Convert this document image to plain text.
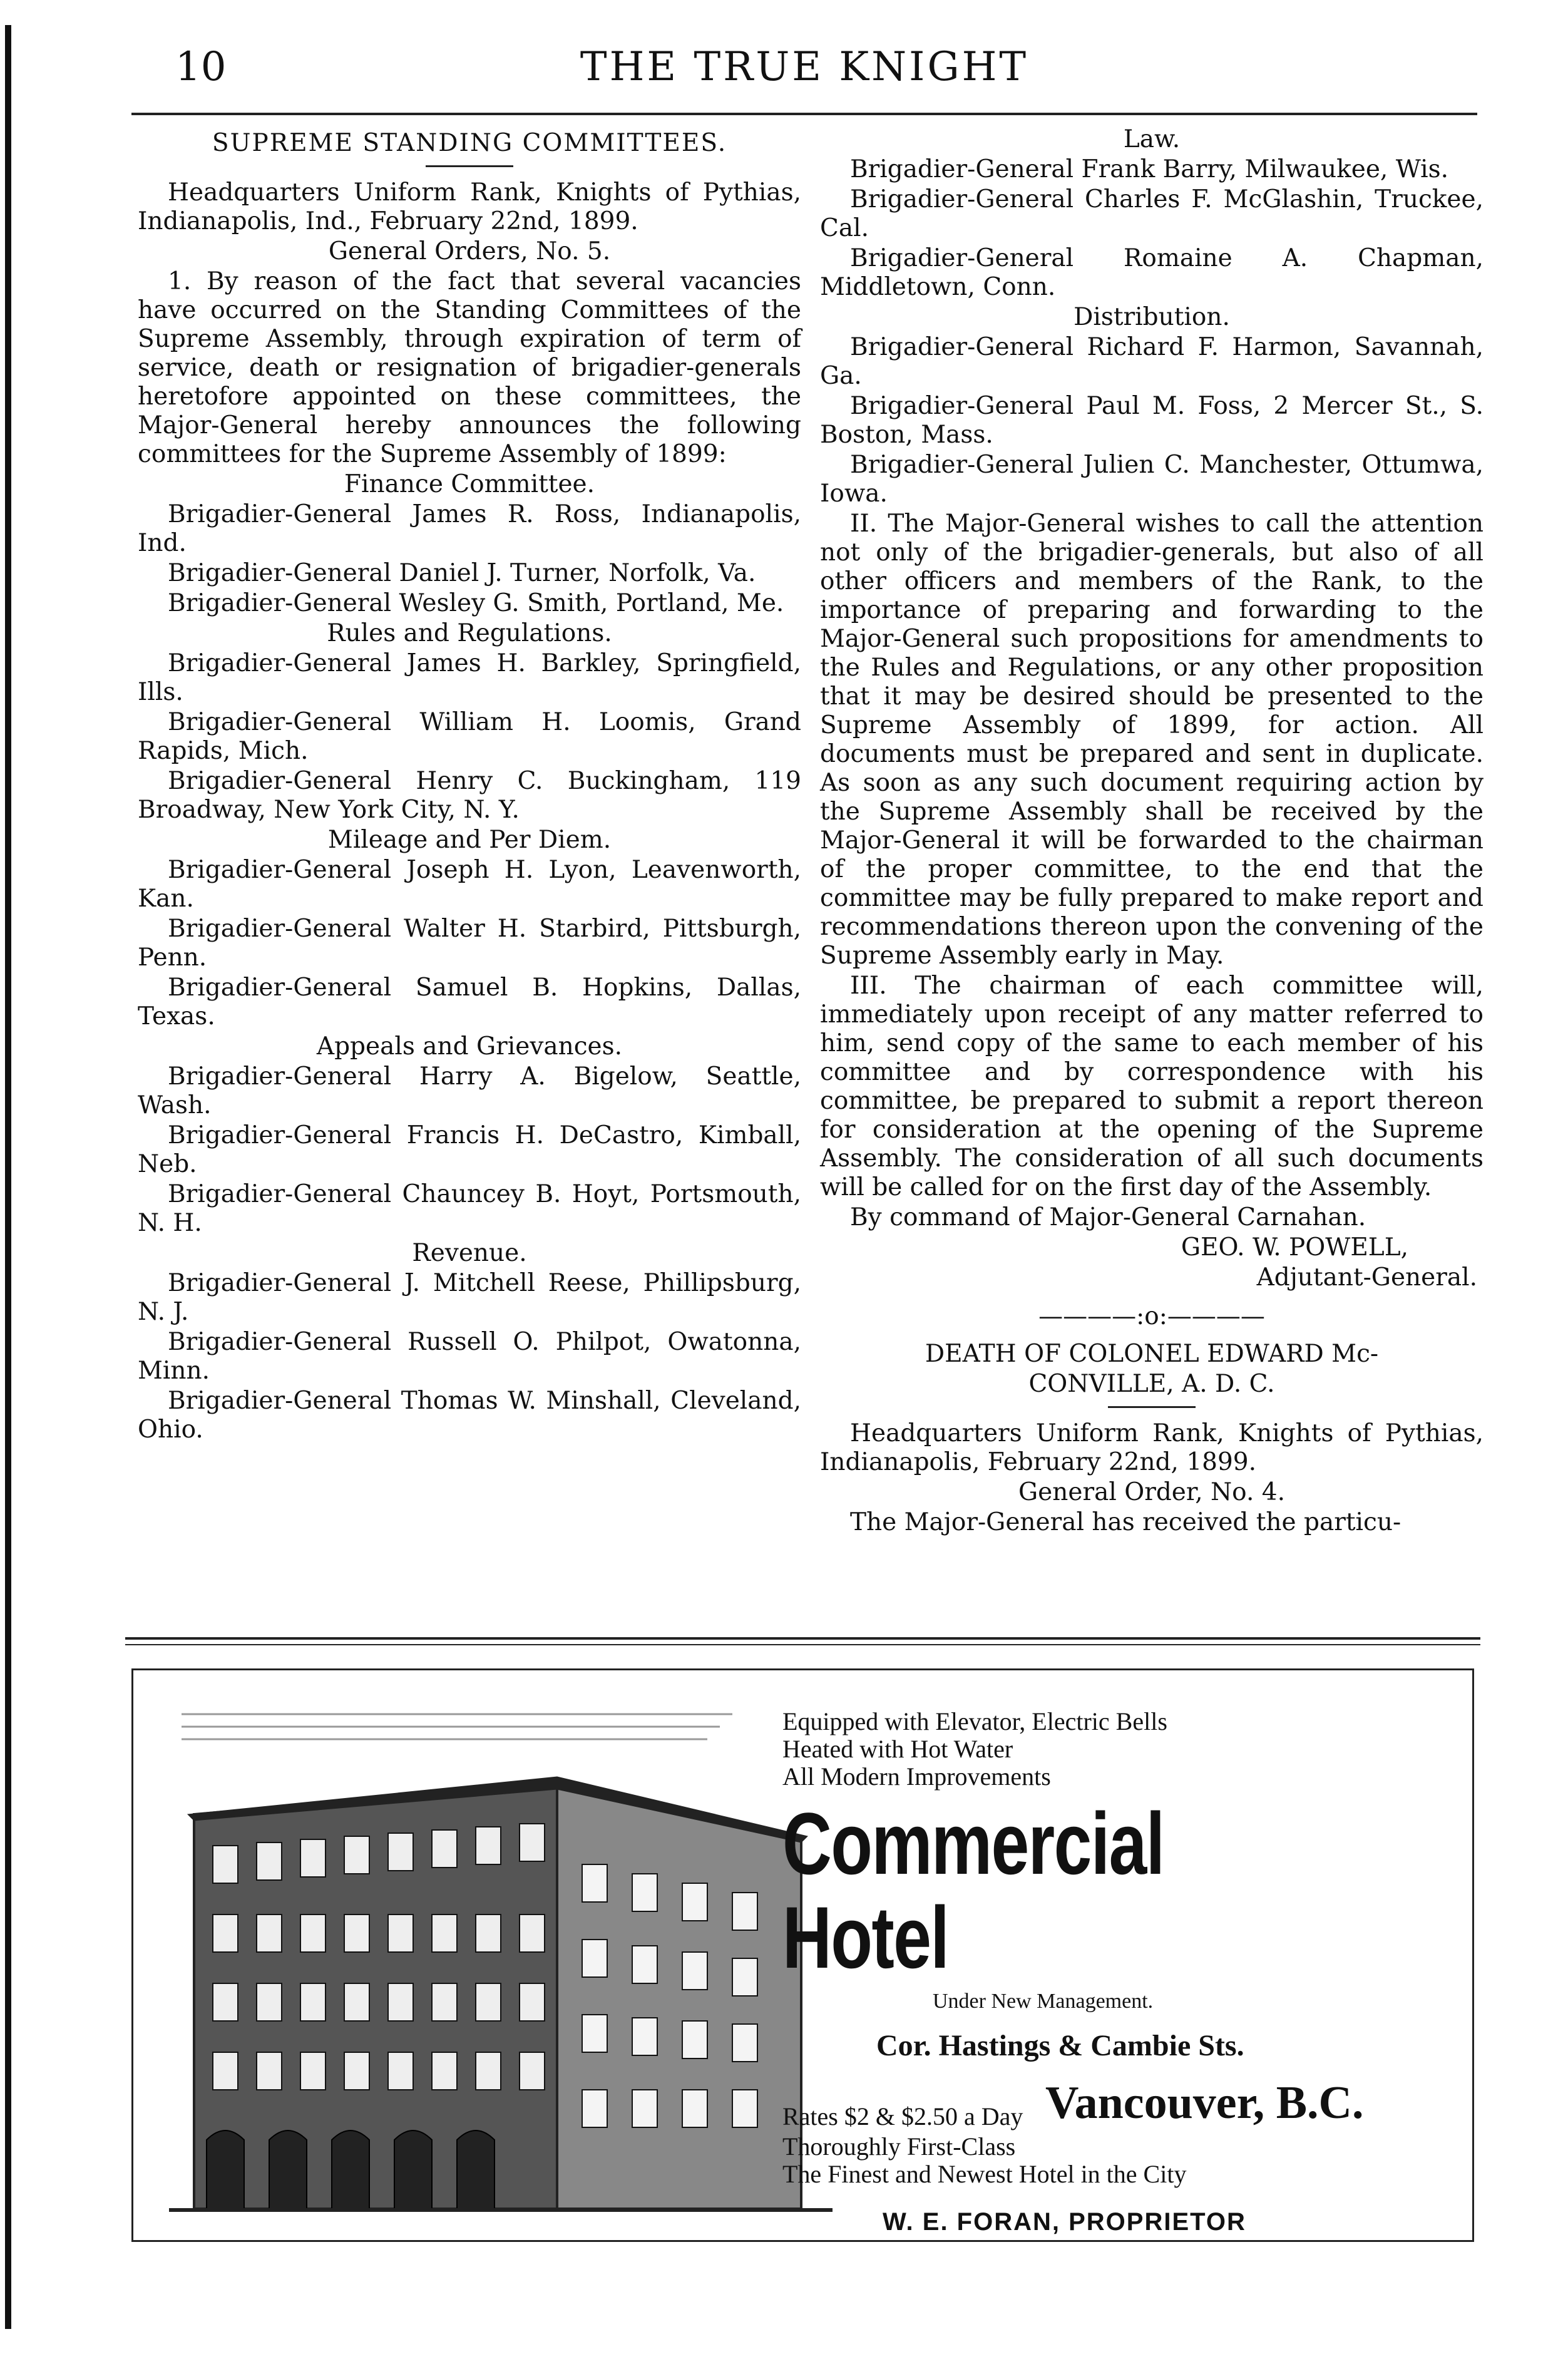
10	THE TRUE KNIGHT

SUPREME STANDING COMMITTEES.

Headquarters Uniform Rank, Knights of Pythias, Indianapolis, Ind., February 22nd, 1899.

General Orders, No. 5.

1. By reason of the fact that several vacancies have occurred on the Standing Committees of the Supreme Assembly, through expiration of term of service, death or resignation of brigadier-generals heretofore appointed on these committees, the Major-General hereby announces the following committees for the Supreme Assembly of 1899:

Finance Committee.

Brigadier-General James R. Ross, Indianapolis, Ind.

Brigadier-General Daniel J. Turner, Norfolk, Va.

Brigadier-General Wesley G. Smith, Portland, Me.

Rules and Regulations.

Brigadier-General James H. Barkley, Springfield, Ills.

Brigadier-General William H. Loomis, Grand Rapids, Mich.

Brigadier-General Henry C. Buckingham, 119 Broadway, New York City, N. Y.

Mileage and Per Diem.

Brigadier-General Joseph H. Lyon, Leavenworth, Kan.

Brigadier-General Walter H. Starbird, Pittsburgh, Penn.

Brigadier-General Samuel B. Hopkins, Dallas, Texas.

Appeals and Grievances.

Brigadier-General Harry A. Bigelow, Seattle, Wash.

Brigadier-General Francis H. DeCastro, Kimball, Neb.

Brigadier-General Chauncey B. Hoyt, Portsmouth, N. H.

Revenue.

Brigadier-General J. Mitchell Reese, Phillipsburg, N. J.

Brigadier-General Russell O. Philpot, Owatonna, Minn.

Brigadier-General Thomas W. Minshall, Cleveland, Ohio.

Law.

Brigadier-General Frank Barry, Milwaukee, Wis.

Brigadier-General Charles F. McGlashin, Truckee, Cal.

Brigadier-General Romaine A. Chapman, Middletown, Conn.

Distribution.

Brigadier-General Richard F. Harmon, Savannah, Ga.

Brigadier-General Paul M. Foss, 2 Mercer St., S. Boston, Mass.

Brigadier-General Julien C. Manchester, Ottumwa, Iowa.

II. The Major-General wishes to call the attention not only of the brigadier-generals, but also of all other officers and members of the Rank, to the importance of preparing and forwarding to the Major-General such propositions for amendments to the Rules and Regulations, or any other proposition that it may be desired should be presented to the Supreme Assembly of 1899, for action. All documents must be prepared and sent in duplicate. As soon as any such document requiring action by the Supreme Assembly shall be received by the Major-General it will be forwarded to the chairman of the proper committee, to the end that the committee may be fully prepared to make report and recommendations thereon upon the convening of the Supreme Assembly early in May.

III. The chairman of each committee will, immediately upon receipt of any matter referred to him, send copy of the same to each member of his committee and by correspondence with his committee, be prepared to submit a report thereon for consideration at the opening of the Supreme Assembly. The consideration of all such documents will be called for on the first day of the Assembly.

By command of Major-General Carnahan.

GEO. W. POWELL,

Adjutant-General.

————:o:————

DEATH OF COLONEL EDWARD Mc-

CONVILLE, A. D. C.

Headquarters Uniform Rank, Knights of Pythias, Indianapolis, February 22nd, 1899.

General Order, No. 4.

The Major-General has received the particu-

Equipped with Elevator, Electric Bells

Heated with Hot Water

All Modern Improvements

Commercial Hotel

Under New Management.

Cor. Hastings & Cambie Sts.

Rates $2 & $2.50 a Day Vancouver, B.C.

Thoroughly First-Class

The Finest and Newest Hotel in the City

W. E. FORAN, PROPRIETOR
